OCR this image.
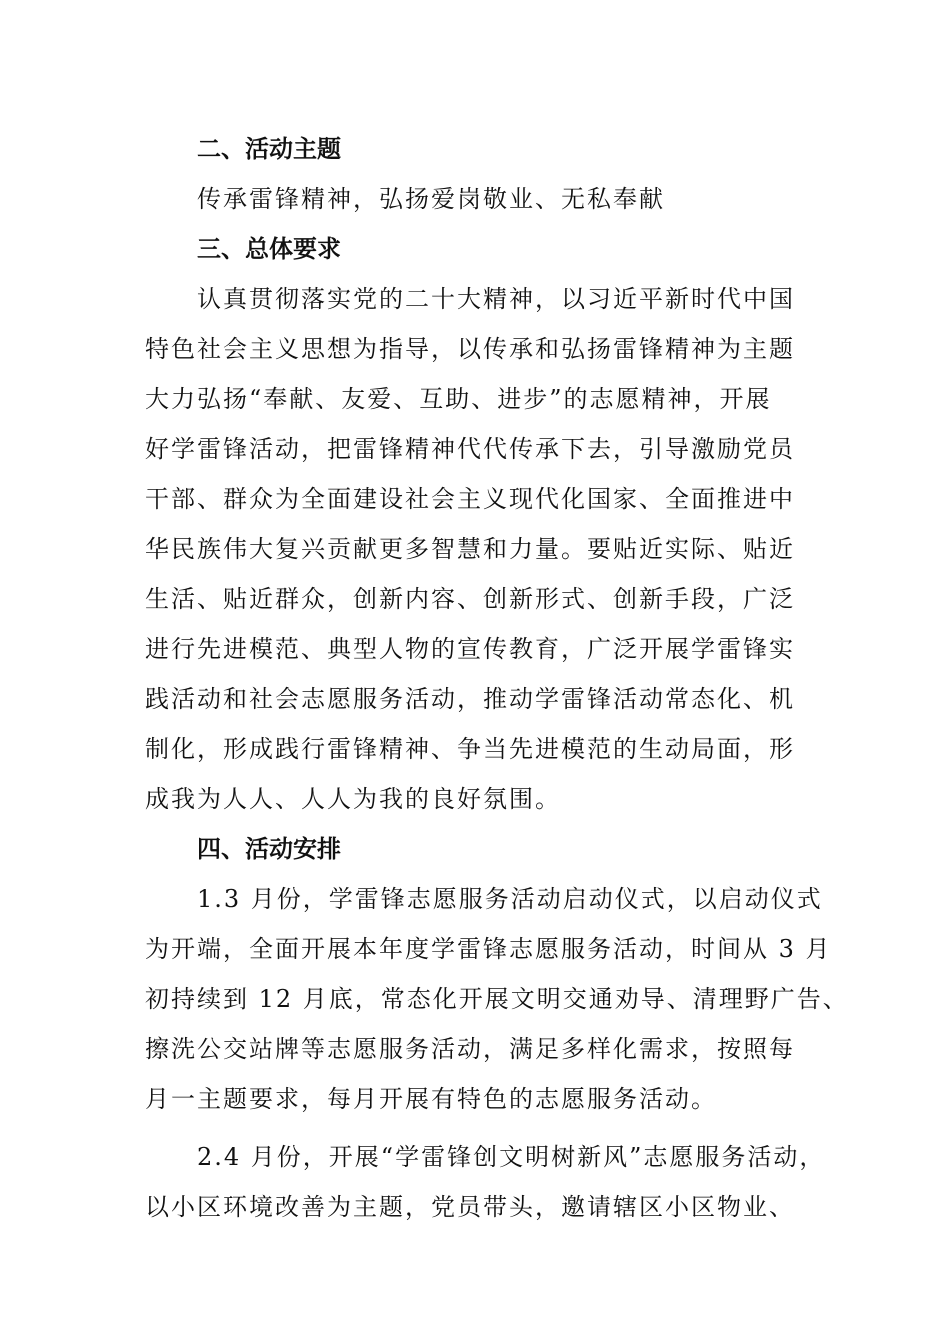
二、活动主题
传承雷锋精神，弘扬爱岗敬业、无私奉献
三、总体要求
认真贯彻落实党的二十大精神，以习近平新时代中国
特色社会主义思想为指导，以传承和弘扬雷锋精神为主题
大力弘扬“奉献、友爱、互助、进步”的志愿精神，开展
好学雷锋活动，把雷锋精神代代传承下去，引导激励党员
干部、群众为全面建设社会主义现代化国家、全面推进中
华民族伟大复兴贡献更多智慧和力量。要贴近实际、贴近
生活、贴近群众，创新内容、创新形式、创新手段，广泛
进行先进模范、典型人物的宣传教育，广泛开展学雷锋实
践活动和社会志愿服务活动，推动学雷锋活动常态化、机
制化，形成践行雷锋精神、争当先进模范的生动局面，形
成我为人人、人人为我的良好氛围。
四、活动安排
1.3 月份，学雷锋志愿服务活动启动仪式，以启动仪式
为开端，全面开展本年度学雷锋志愿服务活动，时间从 3 月
初持续到 12 月底，常态化开展文明交通劝导、清理野广告、
擦洗公交站牌等志愿服务活动，满足多样化需求，按照每
月一主题要求，每月开展有特色的志愿服务活动。
2.4 月份，开展“学雷锋创文明树新风”志愿服务活动，
以小区环境改善为主题，党员带头，邀请辖区小区物业、
